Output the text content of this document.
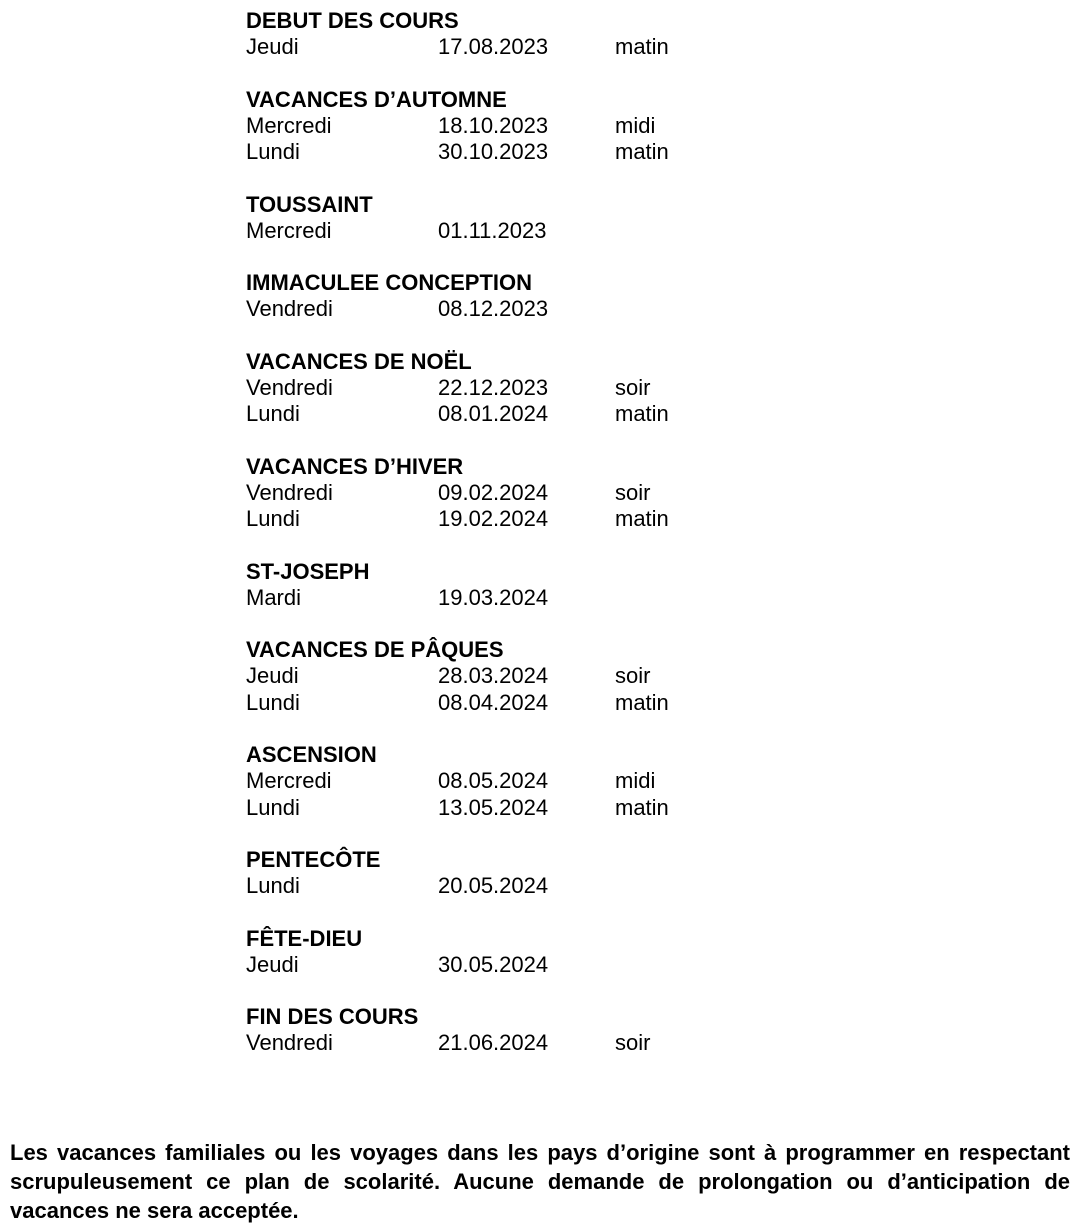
DEBUT DES COURS
Jeudi	17.08.2023	matin
VACANCES D’AUTOMNE
Mercredi	18.10.2023	midi
Lundi	30.10.2023	matin
TOUSSAINT
Mercredi	01.11.2023
IMMACULEE CONCEPTION
Vendredi	08.12.2023
VACANCES DE NOËL
Vendredi	22.12.2023	soir
Lundi	08.01.2024	matin
VACANCES D’HIVER
Vendredi	09.02.2024	soir
Lundi	19.02.2024	matin
ST-JOSEPH
Mardi	19.03.2024
VACANCES DE PÂQUES
Jeudi	28.03.2024	soir
Lundi	08.04.2024	matin
ASCENSION
Mercredi	08.05.2024	midi
Lundi	13.05.2024	matin
PENTECÔTE
Lundi	20.05.2024
FÊTE-DIEU
Jeudi	30.05.2024
FIN DES COURS
Vendredi	21.06.2024	soir

Les vacances familiales ou les voyages dans les pays d’origine sont à programmer en respectant scrupuleusement ce plan de scolarité. Aucune demande de prolongation ou d’anticipation de vacances ne sera acceptée.
